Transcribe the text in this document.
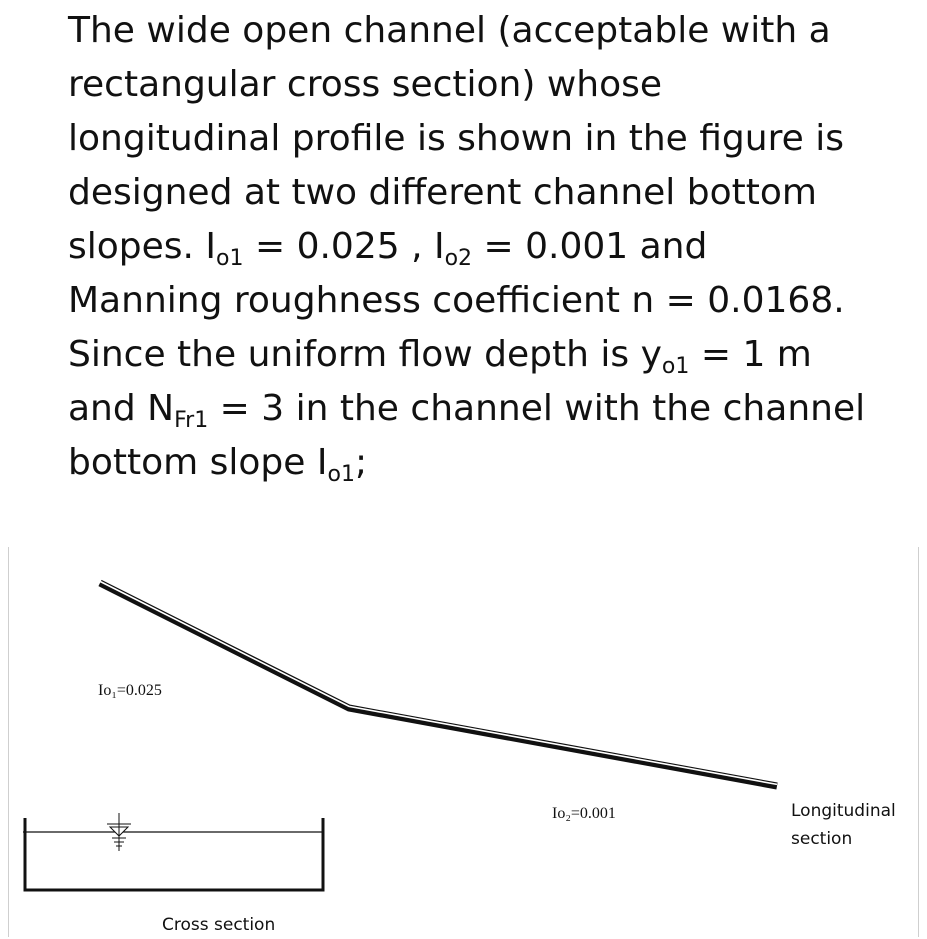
The wide open channel (acceptable with a rectangular cross section) whose longitudinal profile is shown in the figure is designed at two different channel bottom slopes. $I_{o1} = 0.025$ , $I_{o2} = 0.001$ and Manning roughness coefficient n = 0.0168. Since the uniform flow depth is $y_{o1} = 1$ m and $N_{Fr1} = 3$ in the channel with the channel bottom slope $I_{o1}$;

Io₁=0.025
Io₂=0.001	Longitudinal
section
Cross section
